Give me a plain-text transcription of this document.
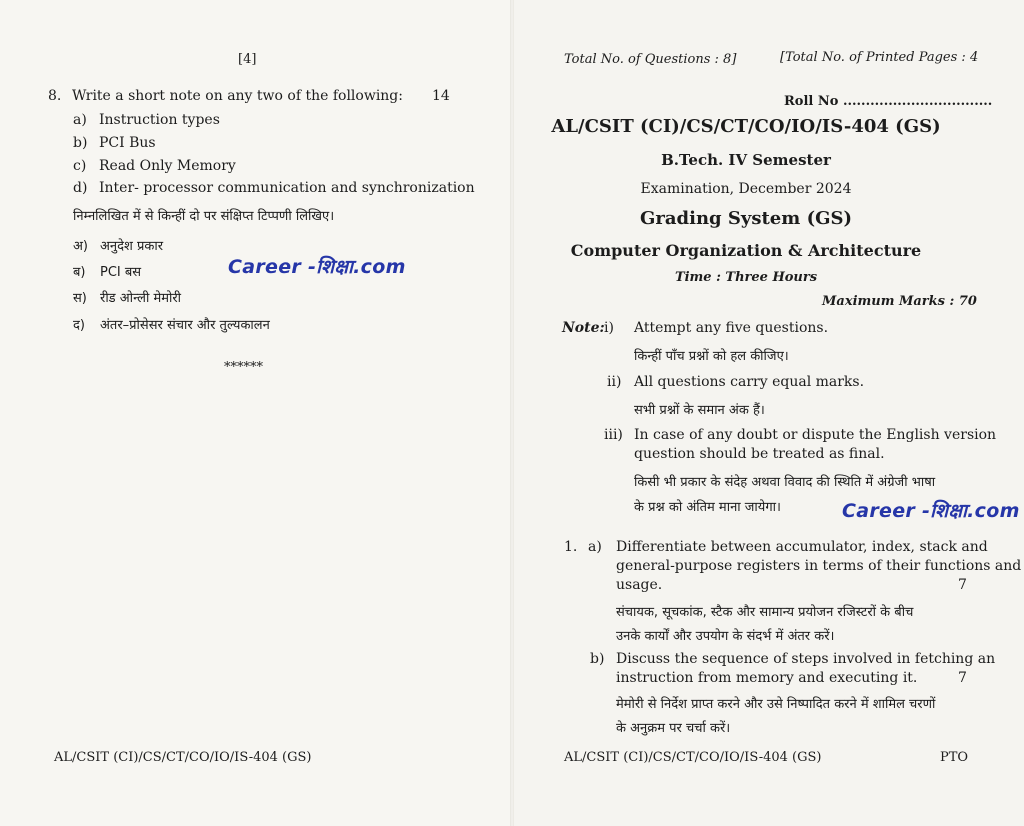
[4]
8. Write a short note on any two of the following: 14
a) Instruction types
b) PCI Bus
c) Read Only Memory
d) Inter- processor communication and synchronization
निम्नलिखित में से किन्हीं दो पर संक्षिप्त टिप्पणी लिखिए।
अ) अनुदेश प्रकार
ब) PCI बस
स) रीड ओन्ली मेमोरी
द) अंतर–प्रोसेसर संचार और तुल्यकालन
Career -शिक्षा.com
******
AL/CSIT (CI)/CS/CT/CO/IO/IS-404 (GS)
Total No. of Questions : 8]	[Total No. of Printed Pages : 4
Roll No .................................
AL/CSIT (CI)/CS/CT/CO/IO/IS-404 (GS)
B.Tech. IV Semester
Examination, December 2024
Grading System (GS)
Computer Organization & Architecture
Time : Three Hours
Maximum Marks : 70
Note: i) Attempt any five questions.
किन्हीं पाँच प्रश्नों को हल कीजिए।
ii) All questions carry equal marks.
सभी प्रश्नों के समान अंक हैं।
iii) In case of any doubt or dispute the English version
question should be treated as final.
किसी भी प्रकार के संदेह अथवा विवाद की स्थिति में अंग्रेजी भाषा
के प्रश्न को अंतिम माना जायेगा।	Career -शिक्षा.com
1. a) Differentiate between accumulator, index, stack and
general-purpose registers in terms of their functions and
usage.	7
संचायक, सूचकांक, स्टैक और सामान्य प्रयोजन रजिस्टरों के बीच
उनके कार्यों और उपयोग के संदर्भ में अंतर करें।
b) Discuss the sequence of steps involved in fetching an
instruction from memory and executing it.	7
मेमोरी से निर्देश प्राप्त करने और उसे निष्पादित करने में शामिल चरणों
के अनुक्रम पर चर्चा करें।
AL/CSIT (CI)/CS/CT/CO/IO/IS-404 (GS)	PTO
